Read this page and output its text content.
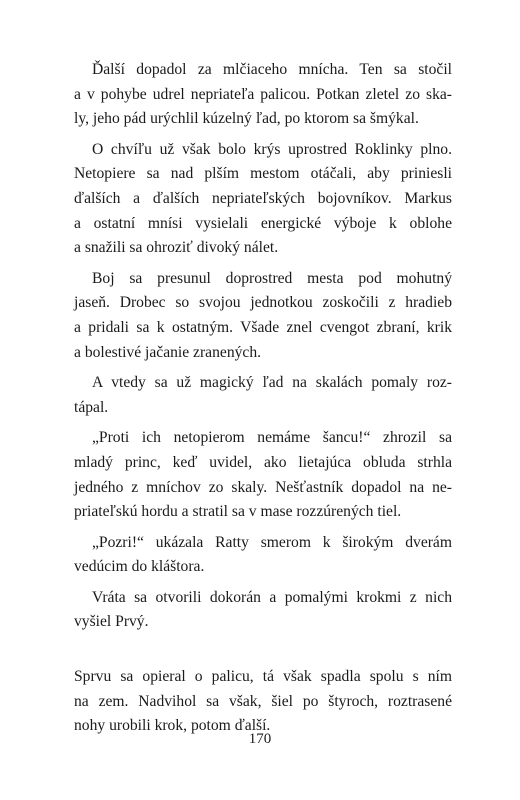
Ďalší dopadol za mlčiaceho mnícha. Ten sa stočil
a v pohybe udrel nepriateľa palicou. Potkan zletel zo ska-
ly, jeho pád urýchlil kúzelný ľad, po ktorom sa šmýkal.
O chvíľu už však bolo krýs uprostred Roklinky plno.
Netopiere sa nad plším mestom otáčali, aby priniesli
ďalších a ďalších nepriateľských bojovníkov. Markus
a ostatní mnísi vysielali energické výboje k oblohe
a snažili sa ohroziť divoký nálet.
Boj sa presunul doprostred mesta pod mohutný
jaseň. Drobec so svojou jednotkou zoskočili z hradieb
a pridali sa k ostatným. Všade znel cvengot zbraní, krik
a bolestivé jačanie zranených.
A vtedy sa už magický ľad na skalách pomaly roz-
tápal.
„Proti ich netopierom nemáme šancu!“ zhrozil sa
mladý princ, keď uvidel, ako lietajúca obluda strhla
jedného z mníchov zo skaly. Nešťastník dopadol na ne-
priateľskú hordu a stratil sa v mase rozzúrených tiel.
„Pozri!“ ukázala Ratty smerom k širokým dverám
vedúcim do kláštora.
Vráta sa otvorili dokorán a pomalými krokmi z nich
vyšiel Prvý.
Sprvu sa opieral o palicu, tá však spadla spolu s ním
na zem. Nadvihol sa však, šiel po štyroch, roztrasené
nohy urobili krok, potom ďalší.
170
